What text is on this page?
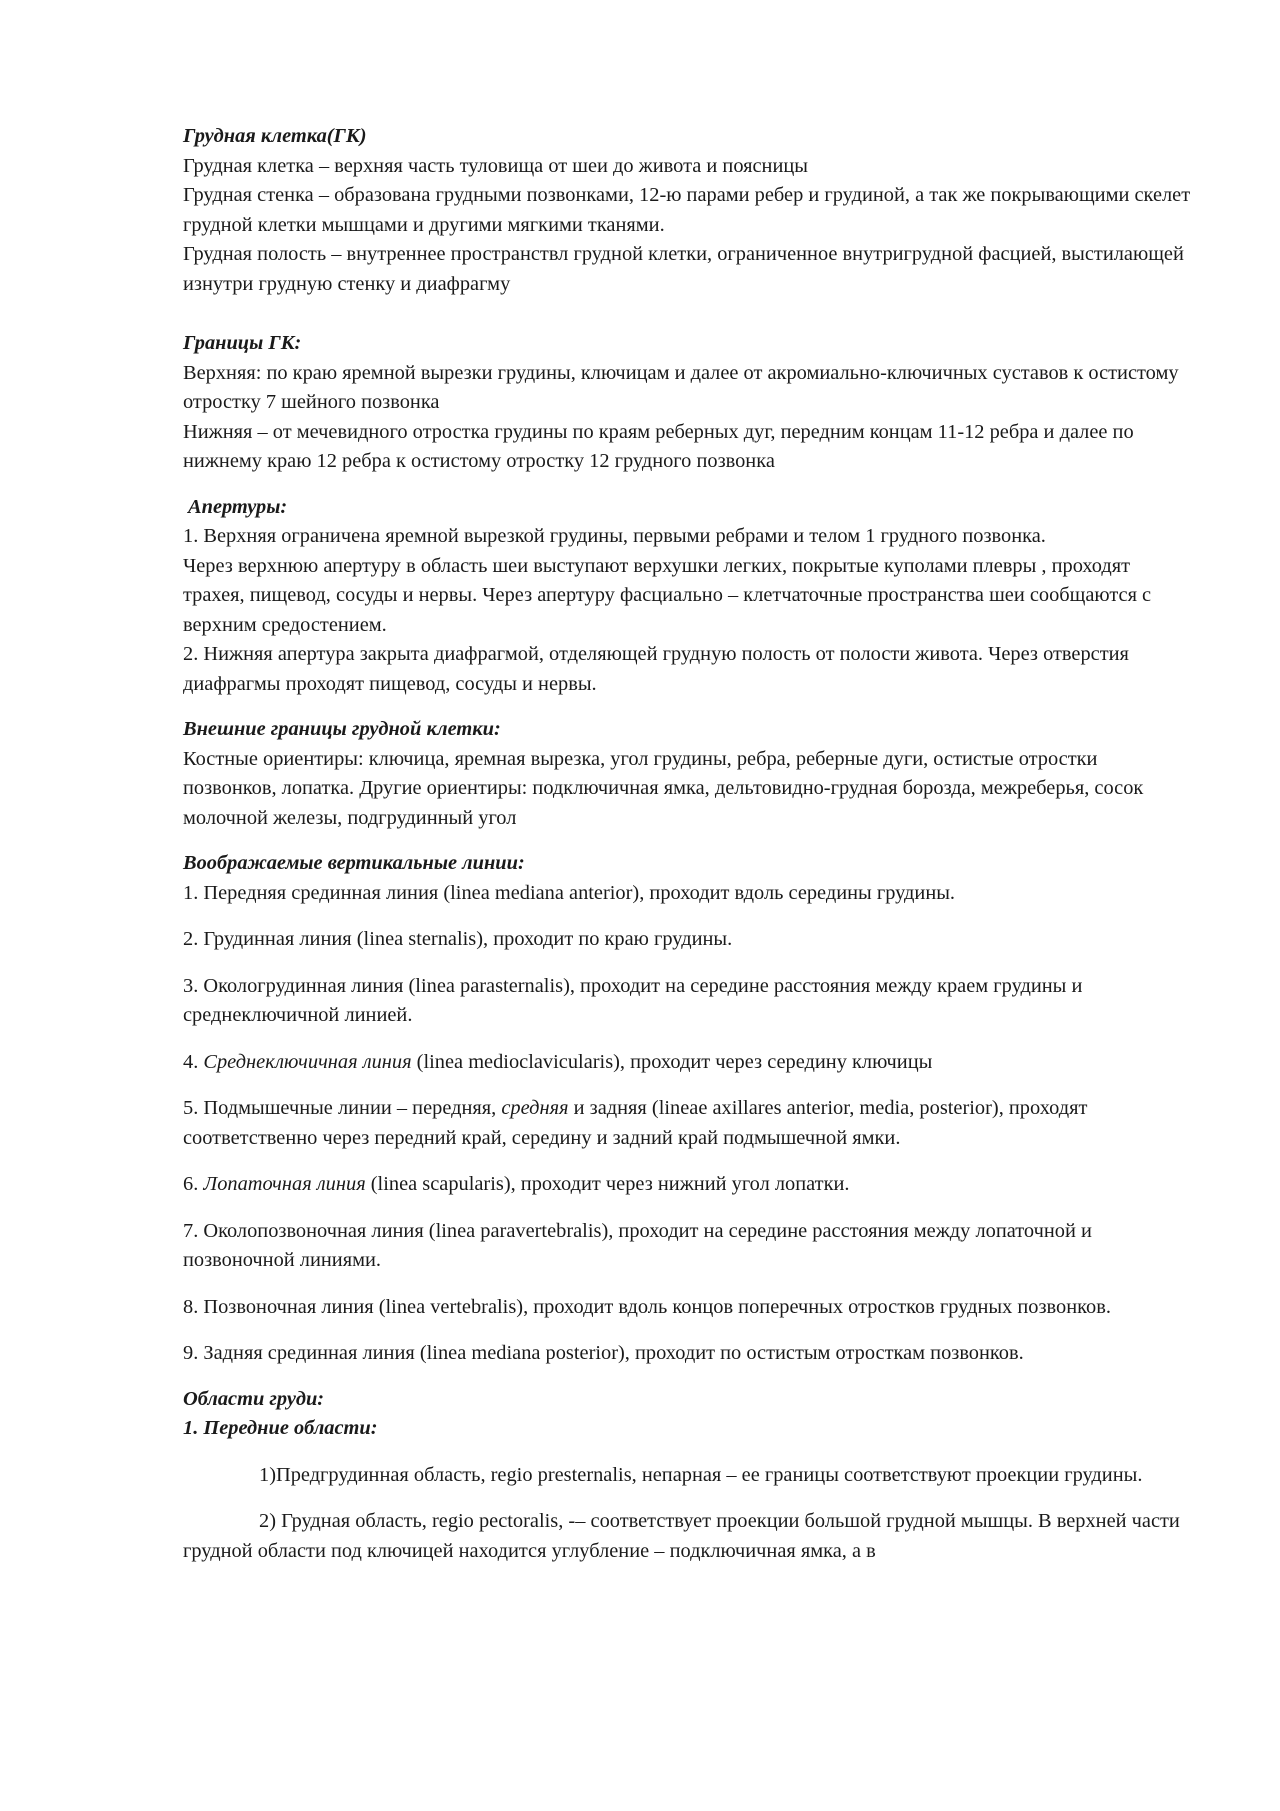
Грудная клетка(ГК)

Грудная клетка – верхняя часть туловища от шеи до живота и поясницы

Грудная стенка – образована грудными позвонками, 12-ю парами ребер и грудиной, а так же покрывающими скелет грудной клетки мышцами и другими мягкими тканями.

Грудная полость – внутреннее пространствл грудной клетки, ограниченное внутригрудной фасцией, выстилающей изнутри грудную стенку и диафрагму

Границы ГК:

Верхняя: по краю яремной вырезки грудины, ключицам и далее от акромиально-ключичных суставов к остистому отростку 7 шейного позвонка

Нижняя – от мечевидного отростка грудины по краям реберных дуг, передним концам 11-12 ребра и далее по нижнему краю 12 ребра к остистому отростку 12 грудного позвонка

Апертуры:

1. Верхняя ограничена яремной вырезкой грудины, первыми ребрами и телом 1 грудного позвонка.

Через верхнюю апертуру в область шеи выступают верхушки легких, покрытые куполами плевры , проходят трахея, пищевод, сосуды и нервы. Через апертуру фасциально – клетчаточные пространства шеи сообщаются с верхним средостением.

2. Нижняя апертура закрыта диафрагмой, отделяющей грудную полость от полости живота. Через отверстия диафрагмы проходят пищевод, сосуды и нервы.

Внешние границы грудной клетки:

Костные ориентиры: ключица, яремная вырезка, угол грудины, ребра, реберные дуги, остистые отростки позвонков, лопатка. Другие ориентиры: подключичная ямка, дельтовидно-грудная борозда, межреберья, сосок молочной железы, подгрудинный угол

Воображаемые вертикальные линии:

1. Передняя срединная линия (linea mediana anterior), проходит вдоль середины грудины.

2. Грудинная линия (linea sternalis), проходит по краю грудины.

3. Окологрудинная линия (linea parasternalis), проходит на середине расстояния между краем грудины и среднеключичной линией.

4. Среднеключичная линия (linea medioclavicularis), проходит через середину ключицы

5. Подмышечные линии – передняя, средняя и задняя (lineae axillares anterior, media, posterior), проходят соответственно через передний край, середину и задний край подмышечной ямки.

6. Лопаточная линия (linea scapularis), проходит через нижний угол лопатки.

7. Околопозвоночная линия (linea paravertebralis), проходит на середине расстояния между лопаточной и позвоночной линиями.

8. Позвоночная линия (linea vertebralis), проходит вдоль концов поперечных отростков грудных позвонков.

9. Задняя срединная линия (linea mediana posterior), проходит по остистым отросткам позвонков.

Области груди:

1. Передние области:

1)Предгрудинная область, regio presternalis, непарная – ее границы соответствуют проекции грудины.

2) Грудная область, regio pectoralis, -– соответствует проекции большой грудной мышцы. В верхней части грудной области под ключицей находится углубление – подключичная ямка, а в
